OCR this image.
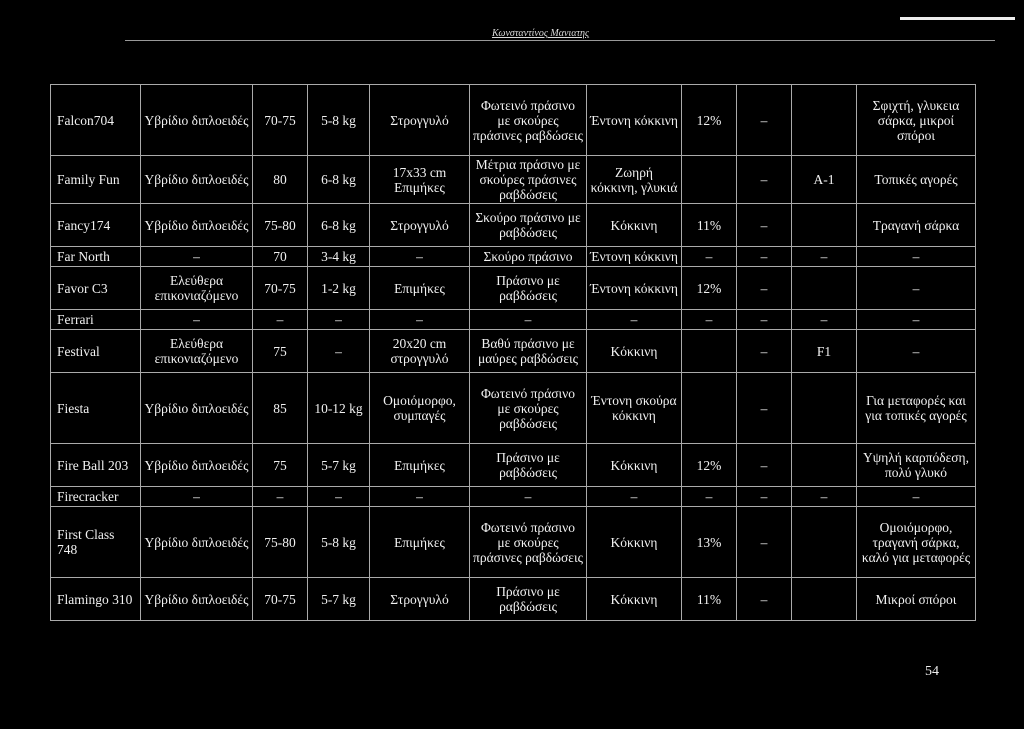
Κωνσταντίνος Μανιατης
Falcon704	Υβρίδιο διπλοειδές	70-75	5-8 kg	Στρογγυλό	Φωτεινό πράσινο με σκούρες πράσινες ραβδώσεις	Έντονη κόκκινη	12%	–		Σφιχτή, γλυκεια σάρκα, μικροί σπόροι
Family Fun	Υβρίδιο διπλοειδές	80	6-8 kg	17x33 cm Επιμήκες	Μέτρια πράσινο με σκούρες πράσινες ραβδώσεις	Ζωηρή κόκκινη, γλυκιά		–	A-1	Τοπικές αγορές
Fancy174	Υβρίδιο διπλοειδές	75-80	6-8 kg	Στρογγυλό	Σκούρο πράσινο με ραβδώσεις	Κόκκινη	11%	–		Τραγανή σάρκα
Far North	–	70	3-4 kg	–	Σκούρο πράσινο	Έντονη κόκκινη	–	–	–	–
Favor C3	Ελεύθερα επικονιαζόμενο	70-75	1-2 kg	Επιμήκες	Πράσινο με ραβδώσεις	Έντονη κόκκινη	12%	–		–
Ferrari	–	–	–	–	–	–	–	–	–	–
Festival	Ελεύθερα επικονιαζόμενο	75	–	20x20 cm στρογγυλό	Βαθύ πράσινο με μαύρες ραβδώσεις	Κόκκινη		–	F1	–
Fiesta	Υβρίδιο διπλοειδές	85	10-12 kg	Ομοιόμορφο, συμπαγές	Φωτεινό πράσινο με σκούρες ραβδώσεις	Έντονη σκούρα κόκκινη		–		Για μεταφορές και για τοπικές αγορές
Fire Ball 203	Υβρίδιο διπλοειδές	75	5-7 kg	Επιμήκες	Πράσινο με ραβδώσεις	Κόκκινη	12%	–		Υψηλή καρπόδεση, πολύ γλυκό
Firecracker	–	–	–	–	–	–	–	–	–	–
First Class 748	Υβρίδιο διπλοειδές	75-80	5-8 kg	Επιμήκες	Φωτεινό πράσινο με σκούρες πράσινες ραβδώσεις	Κόκκινη	13%	–		Ομοιόμορφο, τραγανή σάρκα, καλό για μεταφορές
Flamingo 310	Υβρίδιο διπλοειδές	70-75	5-7 kg	Στρογγυλό	Πράσινο με ραβδώσεις	Κόκκινη	11%	–		Μικροί σπόροι
54
